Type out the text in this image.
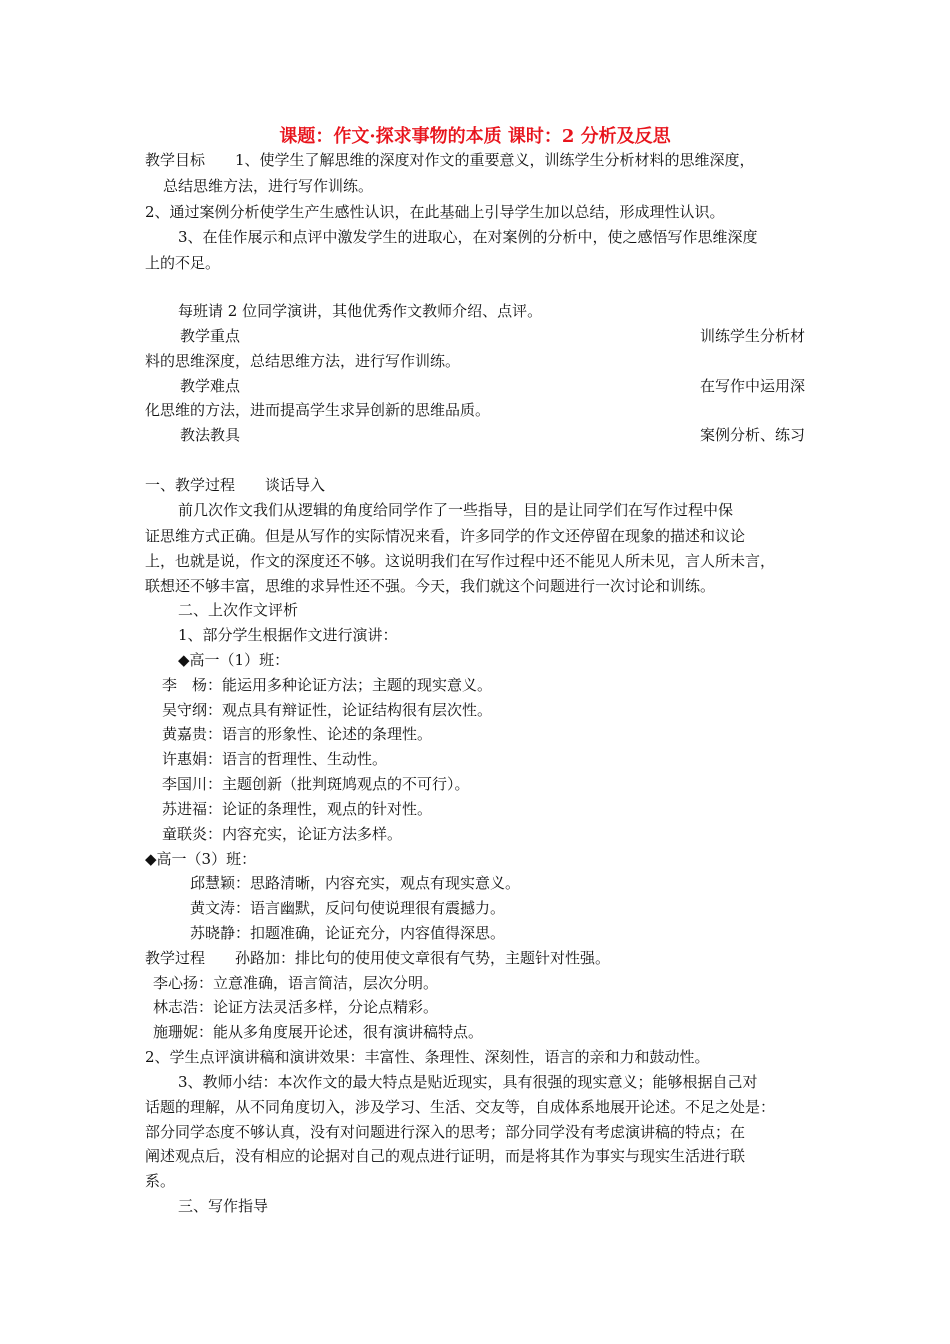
课题：作文·探求事物的本质 课时：2 分析及反思
教学目标　　1、使学生了解思维的深度对作文的重要意义，训练学生分析材料的思维深度，
总结思维方法，进行写作训练。
2、通过案例分析使学生产生感性认识，在此基础上引导学生加以总结，形成理性认识。
3、在佳作展示和点评中激发学生的进取心，在对案例的分析中，使之感悟写作思维深度
上的不足。
每班请 2 位同学演讲，其他优秀作文教师介绍、点评。
教学重点	训练学生分析材
料的思维深度，总结思维方法，进行写作训练。
教学难点	在写作中运用深
化思维的方法，进而提高学生求异创新的思维品质。
教法教具	案例分析、练习
一、教学过程　　谈话导入
前几次作文我们从逻辑的角度给同学作了一些指导，目的是让同学们在写作过程中保
证思维方式正确。但是从写作的实际情况来看，许多同学的作文还停留在现象的描述和议论
上，也就是说，作文的深度还不够。这说明我们在写作过程中还不能见人所未见，言人所未言，
联想还不够丰富，思维的求异性还不强。今天，我们就这个问题进行一次讨论和训练。
二、上次作文评析
1、部分学生根据作文进行演讲：
◆高一（1）班：
李　杨：能运用多种论证方法；主题的现实意义。
吴守纲：观点具有辩证性，论证结构很有层次性。
黄嘉贵：语言的形象性、论述的条理性。
许惠娟：语言的哲理性、生动性。
李国川：主题创新（批判斑鸠观点的不可行）。
苏进福：论证的条理性，观点的针对性。
童联炎：内容充实，论证方法多样。
◆高一（3）班：
邱慧颖：思路清晰，内容充实，观点有现实意义。
黄文涛：语言幽默，反问句使说理很有震撼力。
苏晓静：扣题准确，论证充分，内容值得深思。
教学过程　　孙路加：排比句的使用使文章很有气势，主题针对性强。
李心扬：立意准确，语言简洁，层次分明。
林志浩：论证方法灵活多样，分论点精彩。
施珊妮：能从多角度展开论述，很有演讲稿特点。
2、学生点评演讲稿和演讲效果：丰富性、条理性、深刻性，语言的亲和力和鼓动性。
3、教师小结：本次作文的最大特点是贴近现实，具有很强的现实意义；能够根据自己对
话题的理解，从不同角度切入，涉及学习、生活、交友等，自成体系地展开论述。不足之处是：
部分同学态度不够认真，没有对问题进行深入的思考；部分同学没有考虑演讲稿的特点；在
阐述观点后，没有相应的论据对自己的观点进行证明，而是将其作为事实与现实生活进行联
系。
三、写作指导
